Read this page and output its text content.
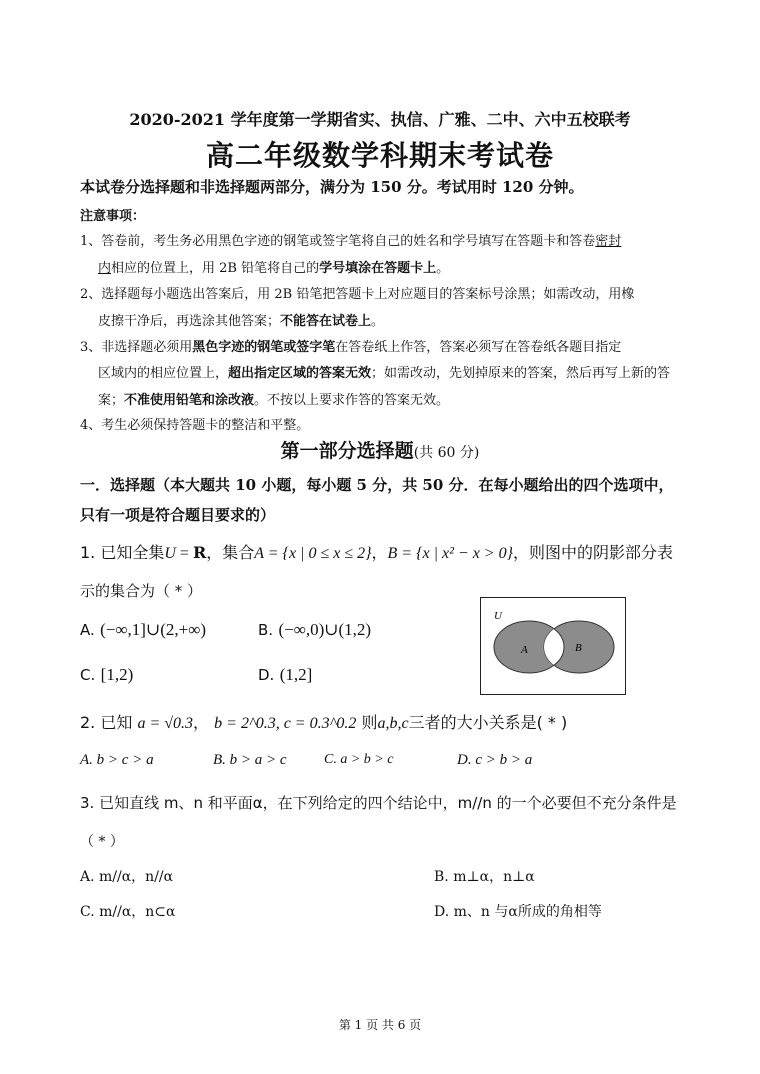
2020-2021 学年度第一学期省实、执信、广雅、二中、六中五校联考
高二年级数学科期末考试卷
本试卷分选择题和非选择题两部分，满分为 150 分。考试用时 120 分钟。
注意事项：
1、答卷前，考生务必用黑色字迹的钢笔或签字笔将自己的姓名和学号填写在答题卡和答卷密封
内相应的位置上，用 2B 铅笔将自己的学号填涂在答题卡上。
2、选择题每小题选出答案后，用 2B 铅笔把答题卡上对应题目的答案标号涂黑；如需改动，用橡
皮擦干净后，再选涂其他答案；不能答在试卷上。
3、非选择题必须用黑色字迹的钢笔或签字笔在答卷纸上作答，答案必须写在答卷纸各题目指定
区域内的相应位置上，超出指定区域的答案无效；如需改动，先划掉原来的答案，然后再写上新的答
案；不准使用铅笔和涂改液。不按以上要求作答的答案无效。
4、考生必须保持答题卡的整洁和平整。
第一部分选择题(共 60 分)
一．选择题（本大题共 10 小题，每小题 5 分，共 50 分．在每小题给出的四个选项中，
只有一项是符合题目要求的）
1. 已知全集U = R，集合A = {x | 0 ≤ x ≤ 2}，B = {x | x² − x > 0}，则图中的阴影部分表
示的集合为（ * ）
A. (−∞,1]∪(2,+∞)	B. (−∞,0)∪(1,2)
C. [1,2)	D. (1,2]
U
A	B
2. 已知 a = √0.3， b = 2^0.3, c = 0.3^0.2 则a,b,c三者的大小关系是( * )
A. b > c > a	B. b > a > c	C. a > b > c	D. c > b > a
3. 已知直线 m、n 和平面α，在下列给定的四个结论中，m//n 的一个必要但不充分条件是
（ * ）
A. m//α，n//α	B. m⊥α，n⊥α
C. m//α，n⊂α	D. m、n 与α所成的角相等
第 1 页 共 6 页
